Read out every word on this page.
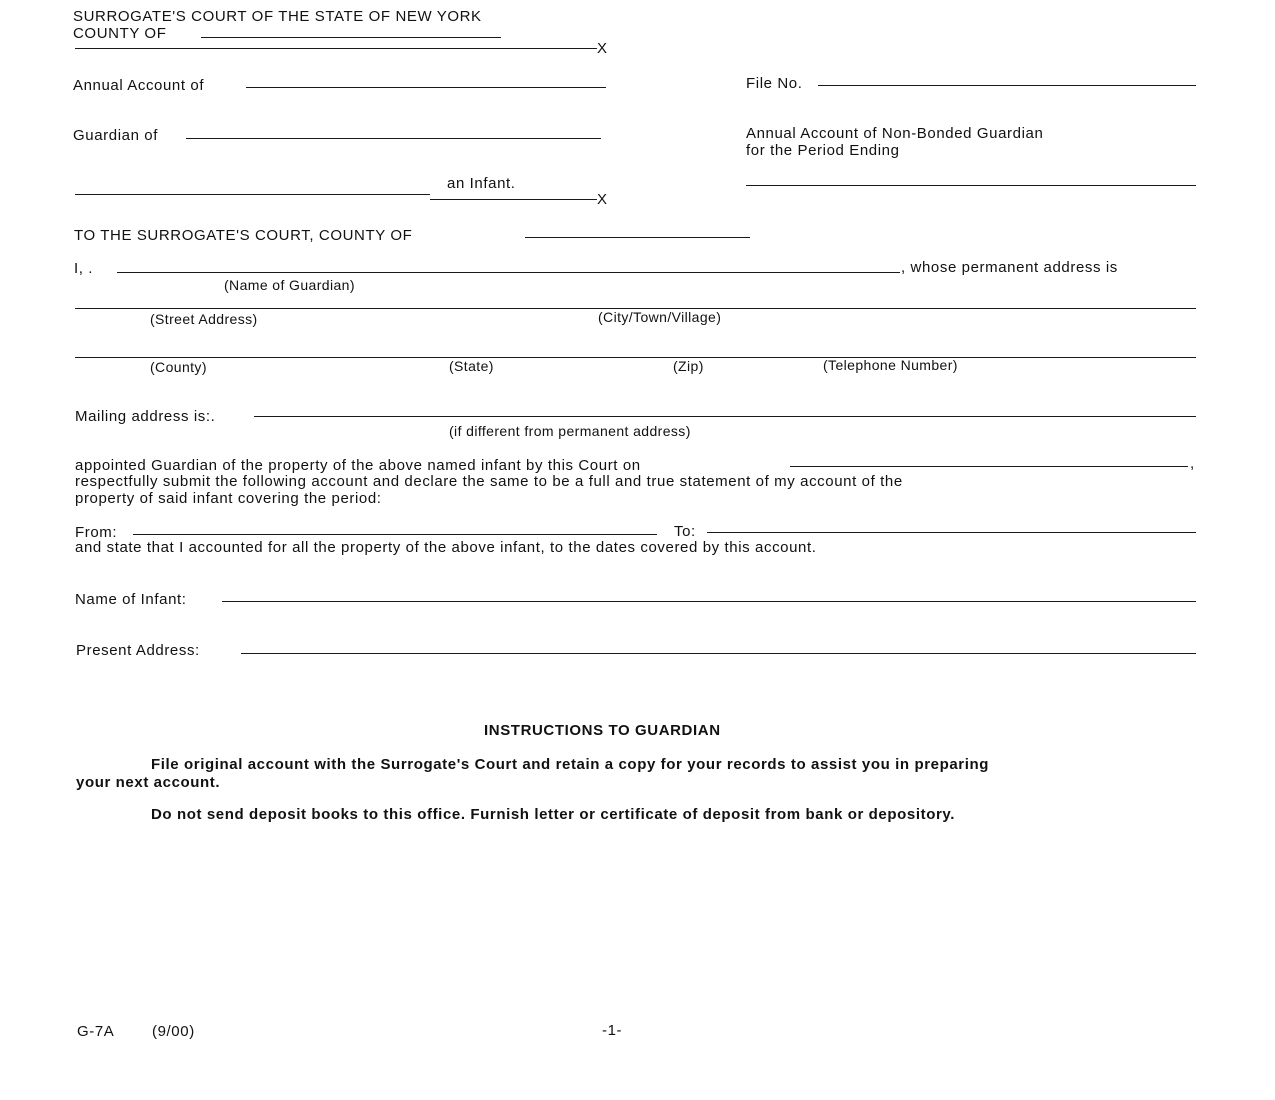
SURROGATE'S COURT OF THE STATE OF NEW YORK
COUNTY OF
X
Annual Account of
Guardian of
an Infant.
X
File No.
Annual Account of Non-Bonded Guardian
for the Period Ending
TO THE SURROGATE'S COURT, COUNTY OF
I, .	, whose permanent address is
(Name of Guardian)
(Street Address)	(City/Town/Village)
(County)	(State)	(Zip)	(Telephone Number)
Mailing address is:.
(if different from permanent address)
appointed Guardian of the property of the above named infant by this Court on	,
respectfully submit the following account and declare the same to be a full and true statement of my account of the
property of said infant covering the period:
From:	To:
and state that I accounted for all the property of the above infant, to the dates covered by this account.
Name of Infant:
Present Address:
INSTRUCTIONS TO GUARDIAN
File original account with the Surrogate's Court and retain a copy for your records to assist you in preparing
your next account.
Do not send deposit books to this office. Furnish letter or certificate of deposit from bank or depository.
G-7A	(9/00)	-1-
